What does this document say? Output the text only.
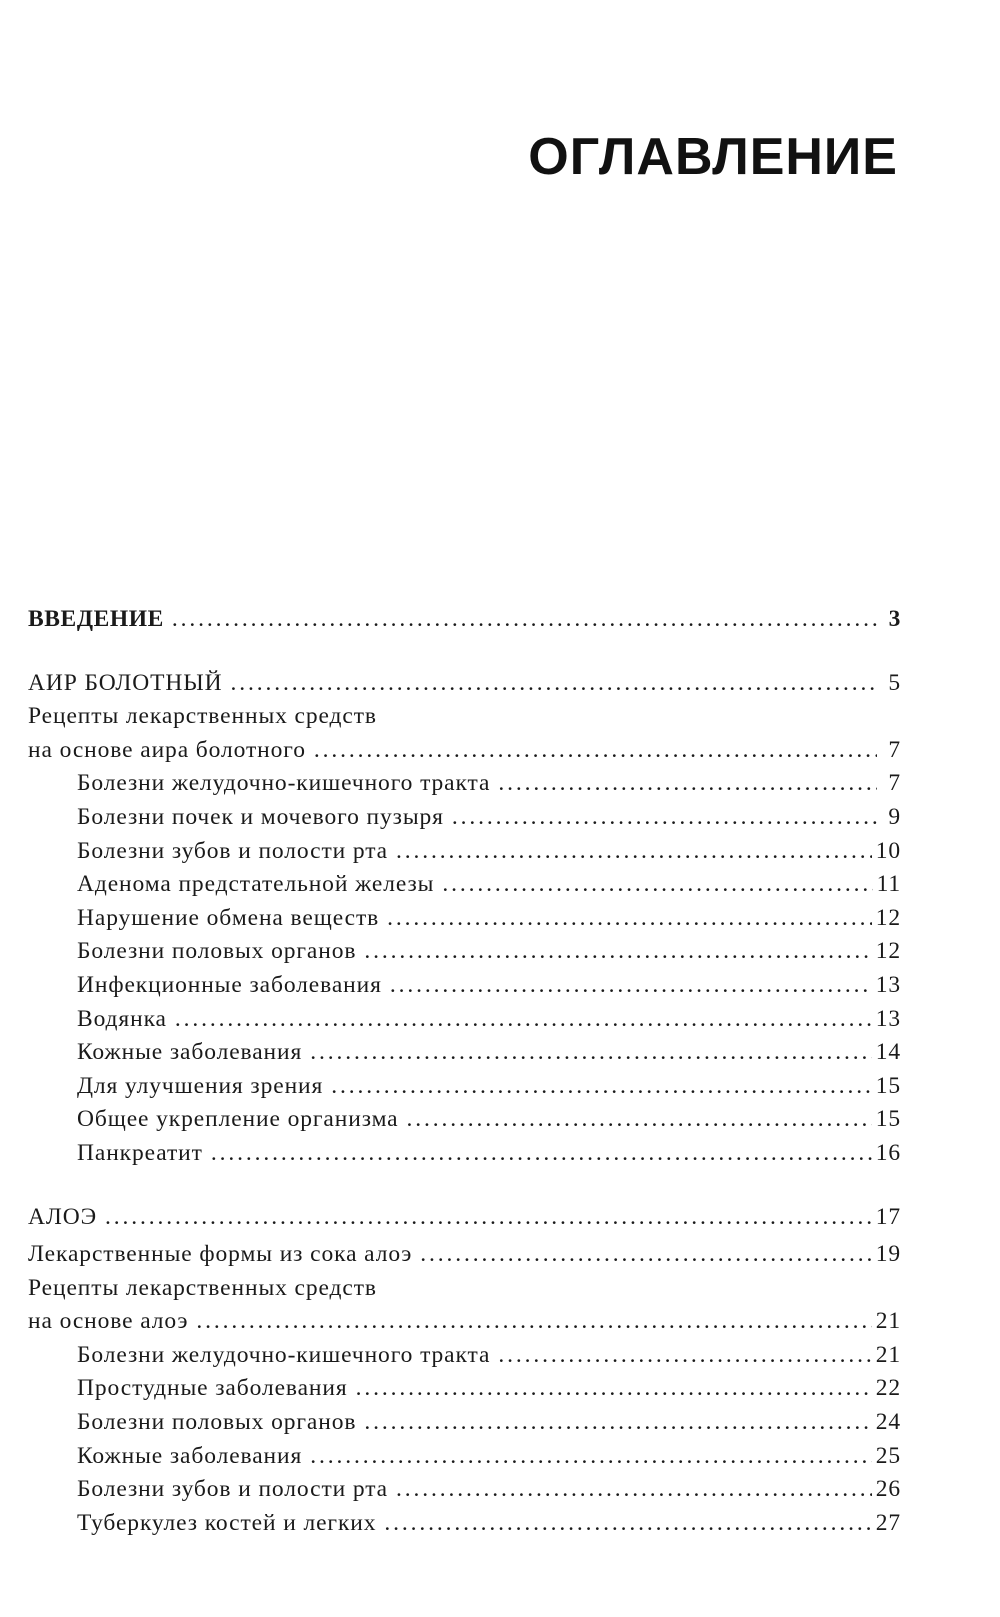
ОГЛАВЛЕНИЕ
ВВЕДЕНИЕ . . .	3
АИР БОЛОТНЫЙ . . .	5
Рецепты лекарственных средств
на основе аира болотного . . .	7
Болезни желудочно-кишечного тракта . . .	7
Болезни почек и мочевого пузыря . . .	9
Болезни зубов и полости рта . . .	10
Аденома предстательной железы . . .	11
Нарушение обмена веществ . . .	12
Болезни половых органов . . .	12
Инфекционные заболевания . . .	13
Водянка . . .	13
Кожные заболевания . . .	14
Для улучшения зрения . . .	15
Общее укрепление организма . . .	15
Панкреатит . . .	16
АЛОЭ . . .	17
Лекарственные формы из сока алоэ . . .	19
Рецепты лекарственных средств
на основе алоэ . . .	21
Болезни желудочно-кишечного тракта . . .	21
Простудные заболевания . . .	22
Болезни половых органов . . .	24
Кожные заболевания . . .	25
Болезни зубов и полости рта . . .	26
Туберкулез костей и легких . . .	27
